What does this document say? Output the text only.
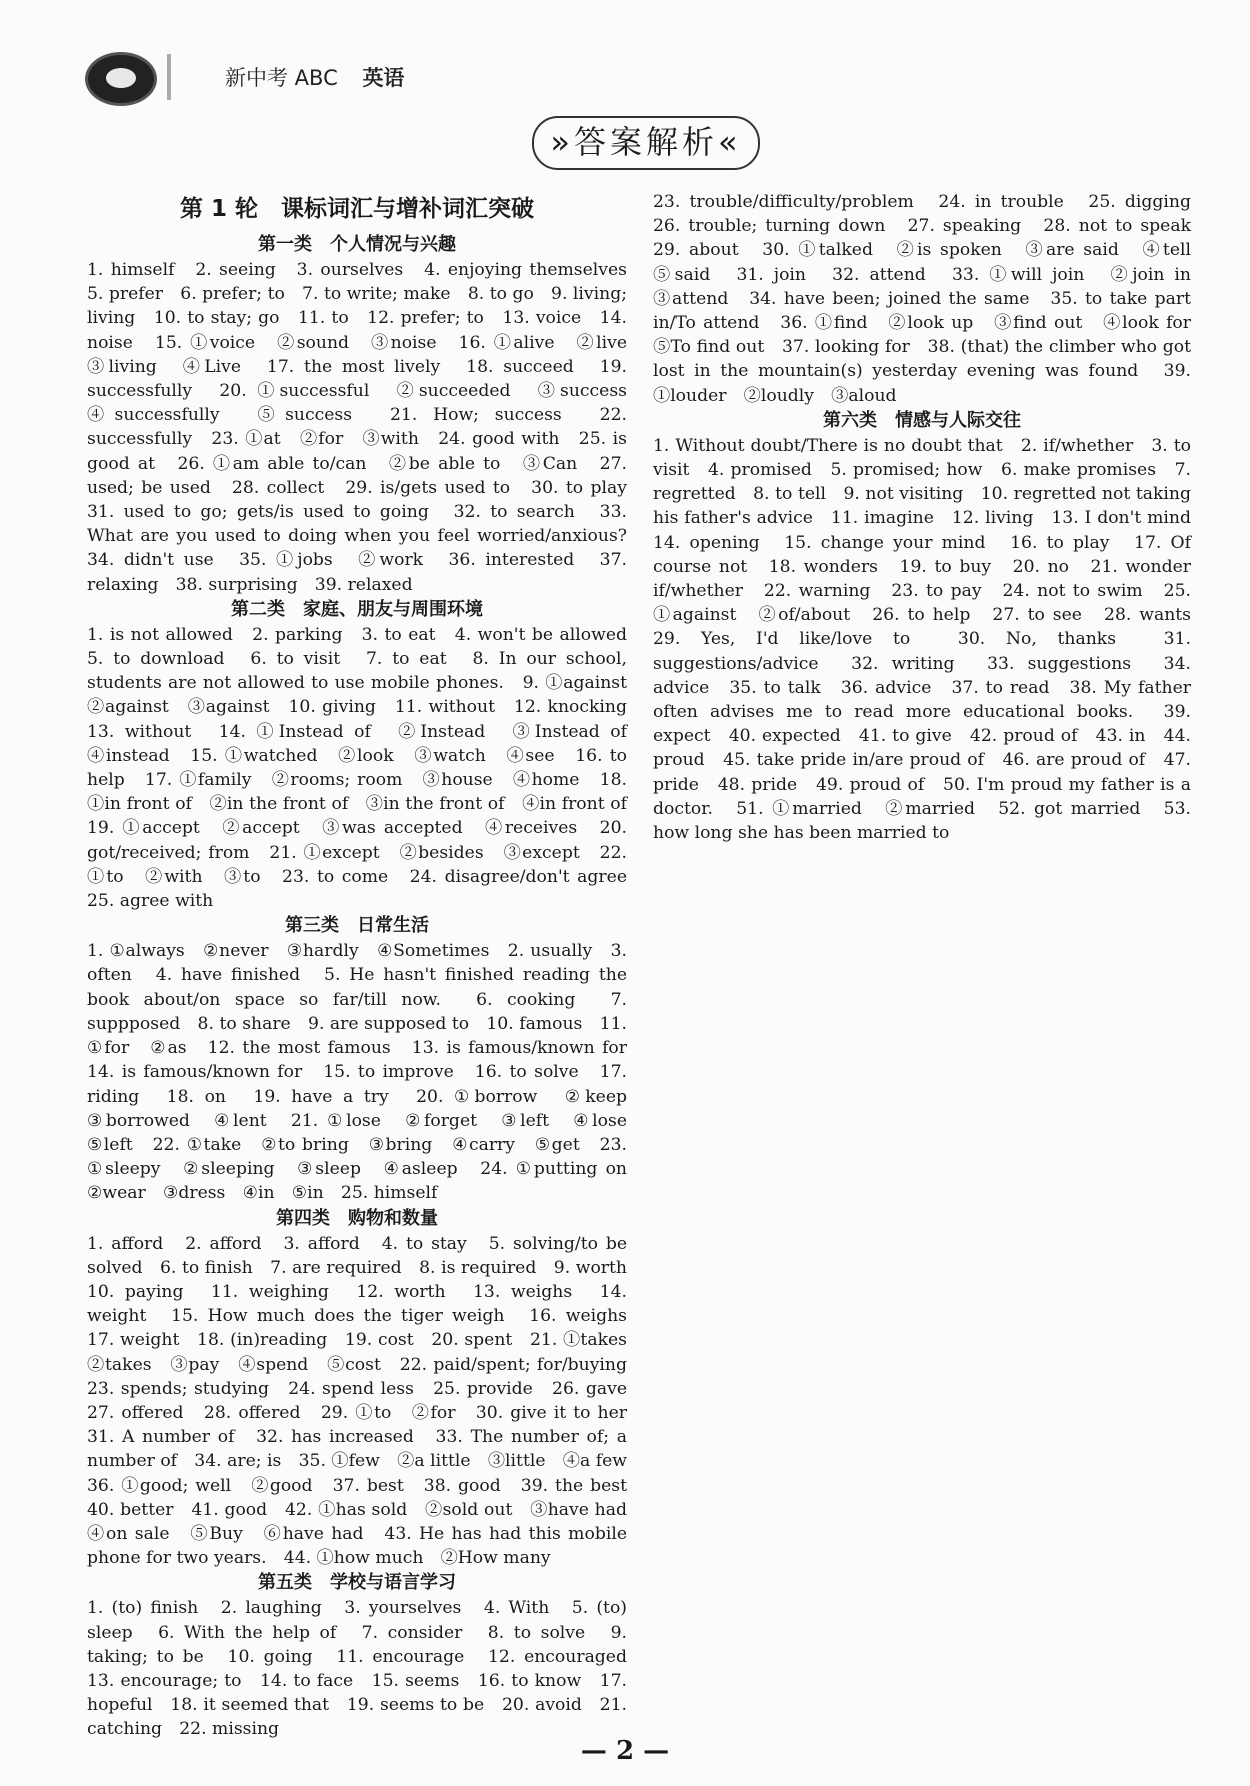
新中考 ABC 英语
»答案解析«
第 1 轮　课标词汇与增补词汇突破
第一类　个人情况与兴趣

1. himself　2. seeing　3. ourselves　4. enjoying themselves　5. prefer　6. prefer; to　7. to write; make　8. to go　9. living; living　10. to stay; go　11. to　12. prefer; to　13. voice　14. noise　15. ①voice　②sound　③noise　16. ①alive　②live　③living　④Live　17. the most lively　18. succeed　19. successfully　20. ①successful　②succeeded　③success　④successfully　⑤success　21. How; success　22. successfully　23. ①at　②for　③with　24. good with　25. is good at　26. ①am able to/can　②be able to　③Can　27. used; be used　28. collect　29. is/gets used to　30. to play　31. used to go; gets/is used to going　32. to search　33. What are you used to doing when you feel worried/anxious?　34. didn't use　35. ①jobs　②work　36. interested　37. relaxing　38. surprising　39. relaxed

第二类　家庭、朋友与周围环境

1. is not allowed　2. parking　3. to eat　4. won't be allowed　5. to download　6. to visit　7. to eat　8. In our school, students are not allowed to use mobile phones.　9. ①against　②against　③against　10. giving　11. without　12. knocking　13. without　14. ①Instead of　②Instead　③Instead of　④instead　15. ①watched　②look　③watch　④see　16. to help　17. ①family　②rooms; room　③house　④home　18. ①in front of　②in the front of　③in the front of　④in front of　19. ①accept　②accept　③was accepted　④receives　20. got/received; from　21. ①except　②besides　③except　22. ①to　②with　③to　23. to come　24. disagree/don't agree　25. agree with

第三类　日常生活

1. ①always　②never　③hardly　④Sometimes　2. usually　3. often　4. have finished　5. He hasn't finished reading the book about/on space so far/till now.　6. cooking　7. suppposed　8. to share　9. are supposed to　10. famous　11. ①for　②as　12. the most famous　13. is famous/known for　14. is famous/known for　15. to improve　16. to solve　17. riding　18. on　19. have a try　20. ①borrow　②keep　③borrowed　④lent　21. ①lose　②forget　③left　④lose　⑤left　22. ①take　②to bring　③bring　④carry　⑤get　23. ①sleepy　②sleeping　③sleep　④asleep　24. ①putting on　②wear　③dress　④in　⑤in　25. himself

第四类　购物和数量

1. afford　2. afford　3. afford　4. to stay　5. solving/to be solved　6. to finish　7. are required　8. is required　9. worth　10. paying　11. weighing　12. worth　13. weighs　14. weight　15. How much does the tiger weigh　16. weighs　17. weight　18. (in)reading　19. cost　20. spent　21. ①takes　②takes　③pay　④spend　⑤cost　22. paid/spent; for/buying　23. spends; studying　24. spend less　25. provide　26. gave　27. offered　28. offered　29. ①to　②for　30. give it to her　31. A number of　32. has increased　33. The number of; a number of　34. are; is　35. ①few　②a little　③little　④a few　36. ①good; well　②good　37. best　38. good　39. the best　40. better　41. good　42. ①has sold　②sold out　③have had　④on sale　⑤Buy　⑥have had　43. He has had this mobile phone for two years.　44. ①how much　②How many

第五类　学校与语言学习

1. (to) finish　2. laughing　3. yourselves　4. With　5. (to) sleep　6. With the help of　7. consider　8. to solve　9. taking; to be　10. going　11. encourage　12. encouraged　13. encourage; to　14. to face　15. seems　16. to know　17. hopeful　18. it seemed that　19. seems to be　20. avoid　21. catching　22. missing

23. trouble/difficulty/problem　24. in trouble　25. digging　26. trouble; turning down　27. speaking　28. not to speak　29. about　30. ①talked　②is spoken　③are said　④tell　⑤said　31. join　32. attend　33. ①will join　②join in　③attend　34. have been; joined the same　35. to take part in/To attend　36. ①find　②look up　③find out　④look for　⑤To find out　37. looking for　38. (that) the climber who got lost in the mountain(s) yesterday evening was found　39. ①louder　②loudly　③aloud

第六类　情感与人际交往

1. Without doubt/There is no doubt that　2. if/whether　3. to visit　4. promised　5. promised; how　6. make promises　7. regretted　8. to tell　9. not visiting　10. regretted not taking his father's advice　11. imagine　12. living　13. I don't mind　14. opening　15. change your mind　16. to play　17. Of course not　18. wonders　19. to buy　20. no　21. wonder if/whether　22. warning　23. to pay　24. not to swim　25. ①against　②of/about　26. to help　27. to see　28. wants　29. Yes, I'd like/love to　30. No, thanks　31. suggestions/advice　32. writing　33. suggestions　34. advice　35. to talk　36. advice　37. to read　38. My father often advises me to read more educational books.　39. expect　40. expected　41. to give　42. proud of　43. in　44. proud　45. take pride in/are proud of　46. are proud of　47. pride　48. pride　49. proud of　50. I'm proud my father is a doctor.　51. ①married　②married　52. got married　53. how long she has been married to

— 2 —
